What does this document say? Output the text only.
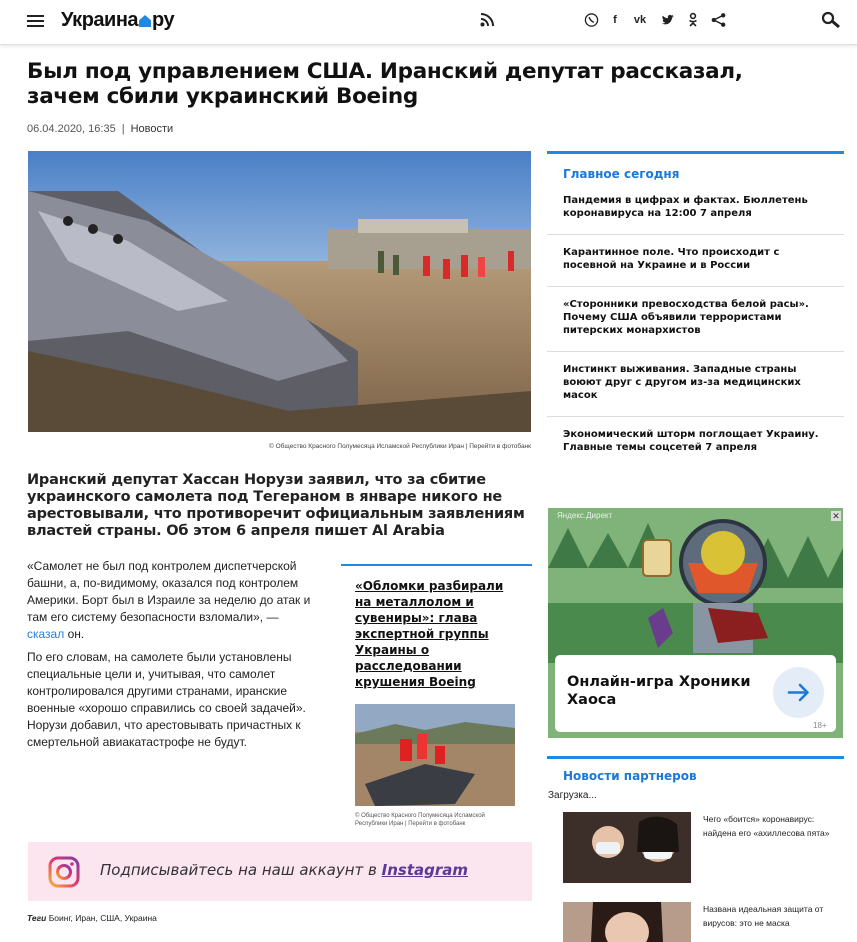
Украина ру	f vk
Был под управлением США. Иранский депутат рассказал, зачем сбили украинский Boeing
06.04.2020, 16:35 | Новости
© Общество Красного Полумесяца Исламской Республики Иран | Перейти в фотобанк
Иранский депутат Хассан Норузи заявил, что за сбитие украинского самолета под Тегераном в январе никого не арестовывали, что противоречит официальным заявлениям властей страны. Об этом 6 апреля пишет Al Arabia

«Самолет не был под контролем диспетчерской башни, а, по-видимому, оказался под контролем Америки. Борт был в Израиле за неделю до атак и там его систему безопасности взломали», — сказал он.

По его словам, на самолете были установлены специальные цели и, учитывая, что самолет контролировался другими странами, иранские военные «хорошо справились со своей задачей». Норузи добавил, что арестовывать причастных к смертельной авиакатастрофе не будут.

«Обломки разбирали на металлолом и сувениры»: глава экспертной группы Украины о расследовании крушения Boeing
© Общество Красного Полумесяца Исламской Республики Иран | Перейти в фотобанк
Подписывайтесь на наш аккаунт в Instagram
Теги Боинг, Иран, США, Украина
Главное сегодня
Пандемия в цифрах и фактах. Бюллетень коронавируса на 12:00 7 апреля
Карантинное поле. Что происходит с посевной на Украине и в России
«Сторонники превосходства белой расы». Почему США объявили террористами питерских монархистов
Инстинкт выживания. Западные страны воюют друг с другом из-за медицинских масок
Экономический шторм поглощает Украину. Главные темы соцсетей 7 апреля
Яндекс.Директ	✕
Онлайн-игра Хроники Хаоса
18+
Новости партнеров
Загрузка...
Чего «боится» коронавирус: найдена его «ахиллесова пята»
Названа идеальная защита от вирусов: это не маска
